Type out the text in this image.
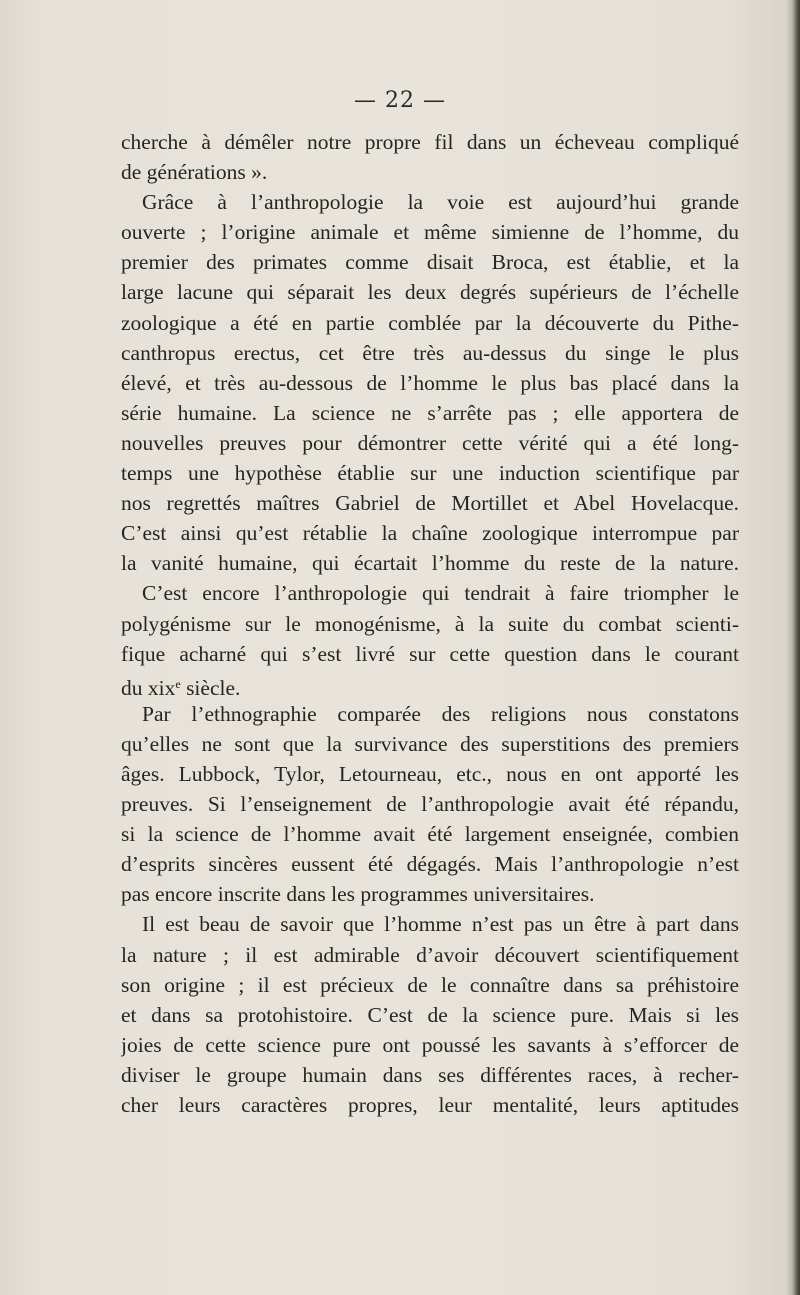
— 22 —
cherche à démêler notre propre fil dans un écheveau compliqué
de générations ».
Grâce à l’anthropologie la voie est aujourd’hui grande
ouverte ; l’origine animale et même simienne de l’homme, du
premier des primates comme disait Broca, est établie, et la
large lacune qui séparait les deux degrés supérieurs de l’échelle
zoologique a été en partie comblée par la découverte du Pithe-
canthropus erectus, cet être très au-dessus du singe le plus
élevé, et très au-dessous de l’homme le plus bas placé dans la
série humaine. La science ne s’arrête pas ; elle apportera de
nouvelles preuves pour démontrer cette vérité qui a été long-
temps une hypothèse établie sur une induction scientifique par
nos regrettés maîtres Gabriel de Mortillet et Abel Hovelacque.
C’est ainsi qu’est rétablie la chaîne zoologique interrompue par
la vanité humaine, qui écartait l’homme du reste de la nature.
C’est encore l’anthropologie qui tendrait à faire triompher le
polygénisme sur le monogénisme, à la suite du combat scienti-
fique acharné qui s’est livré sur cette question dans le courant
du xix$^e$ siècle.
Par l’ethnographie comparée des religions nous constatons
qu’elles ne sont que la survivance des superstitions des premiers
âges. Lubbock, Tylor, Letourneau, etc., nous en ont apporté les
preuves. Si l’enseignement de l’anthropologie avait été répandu,
si la science de l’homme avait été largement enseignée, combien
d’esprits sincères eussent été dégagés. Mais l’anthropologie n’est
pas encore inscrite dans les programmes universitaires.
Il est beau de savoir que l’homme n’est pas un être à part dans
la nature ; il est admirable d’avoir découvert scientifiquement
son origine ; il est précieux de le connaître dans sa préhistoire
et dans sa protohistoire. C’est de la science pure. Mais si les
joies de cette science pure ont poussé les savants à s’efforcer de
diviser le groupe humain dans ses différentes races, à recher-
cher leurs caractères propres, leur mentalité, leurs aptitudes
